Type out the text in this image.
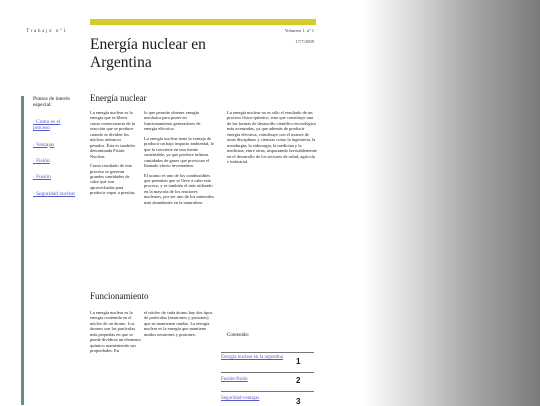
Trabajo nº1	Volumen 1, nº 1
17/7/2009
Energía nuclear en Argentina
Puntos de interés especial:
· Como es el proceso
· Ventajas
· Fisión
· Fusión
· Seguridad nuclear
Energía nuclear

La energía nuclear es la energía que se libera como consecuencia de la reacción que se produce cuando se dividen los núcleos atómicos pesados. Ésta es también denominada Fisión Nuclear.

Como resultado de este proceso se generan grandes cantidades de calor que son aprovechadas para producir vapor a presión,

lo que permite obtener energía mecánica para poner en funcionamiento generadores de energía eléctrica.

La energía nuclear tiene la ventaja de producir un bajo impacto ambiental, lo que la convierte en una fuente sustentable, ya que produce ínfimas cantidades de gases que provocan el llamado efecto invernadero.

El uranio es uno de los combustibles que permiten que se lleve a cabo este proceso, y es también el más utilizado en la mayoría de los reactores nucleares, por ser uno de los minerales más abundantes en la naturaleza.

La energía nuclear no es sólo el resultado de un proceso físico-químico, sino que constituye una de las formas de desarrollo científico-tecnológico más avanzadas, ya que además de producir energía eléctrica, contribuye con el avance de otras disciplinas y ciencias como la ingeniería, la metalurgia, la siderurgia, la medicina y la medicina, entre otras, impactando favorablemente en el desarrollo de los sectores de salud, agrícola e industrial.

Funcionamiento

La energía nuclear es la energía contenida en el núcleo de un átomo. Los átomos son las partículas más pequeñas en que se puede dividirse un elemento químico manteniendo sus propiedades. En

el núcleo de cada átomo hay dos tipos de partículas (neutrones y protones) que se mantienen unidas. La energía nuclear es la energía que mantiene unidos neutrones y protones.	Contenido:
Energía nuclear en la argentina	1
Fusión-fisión	2
Seguridad-ventajas	3
